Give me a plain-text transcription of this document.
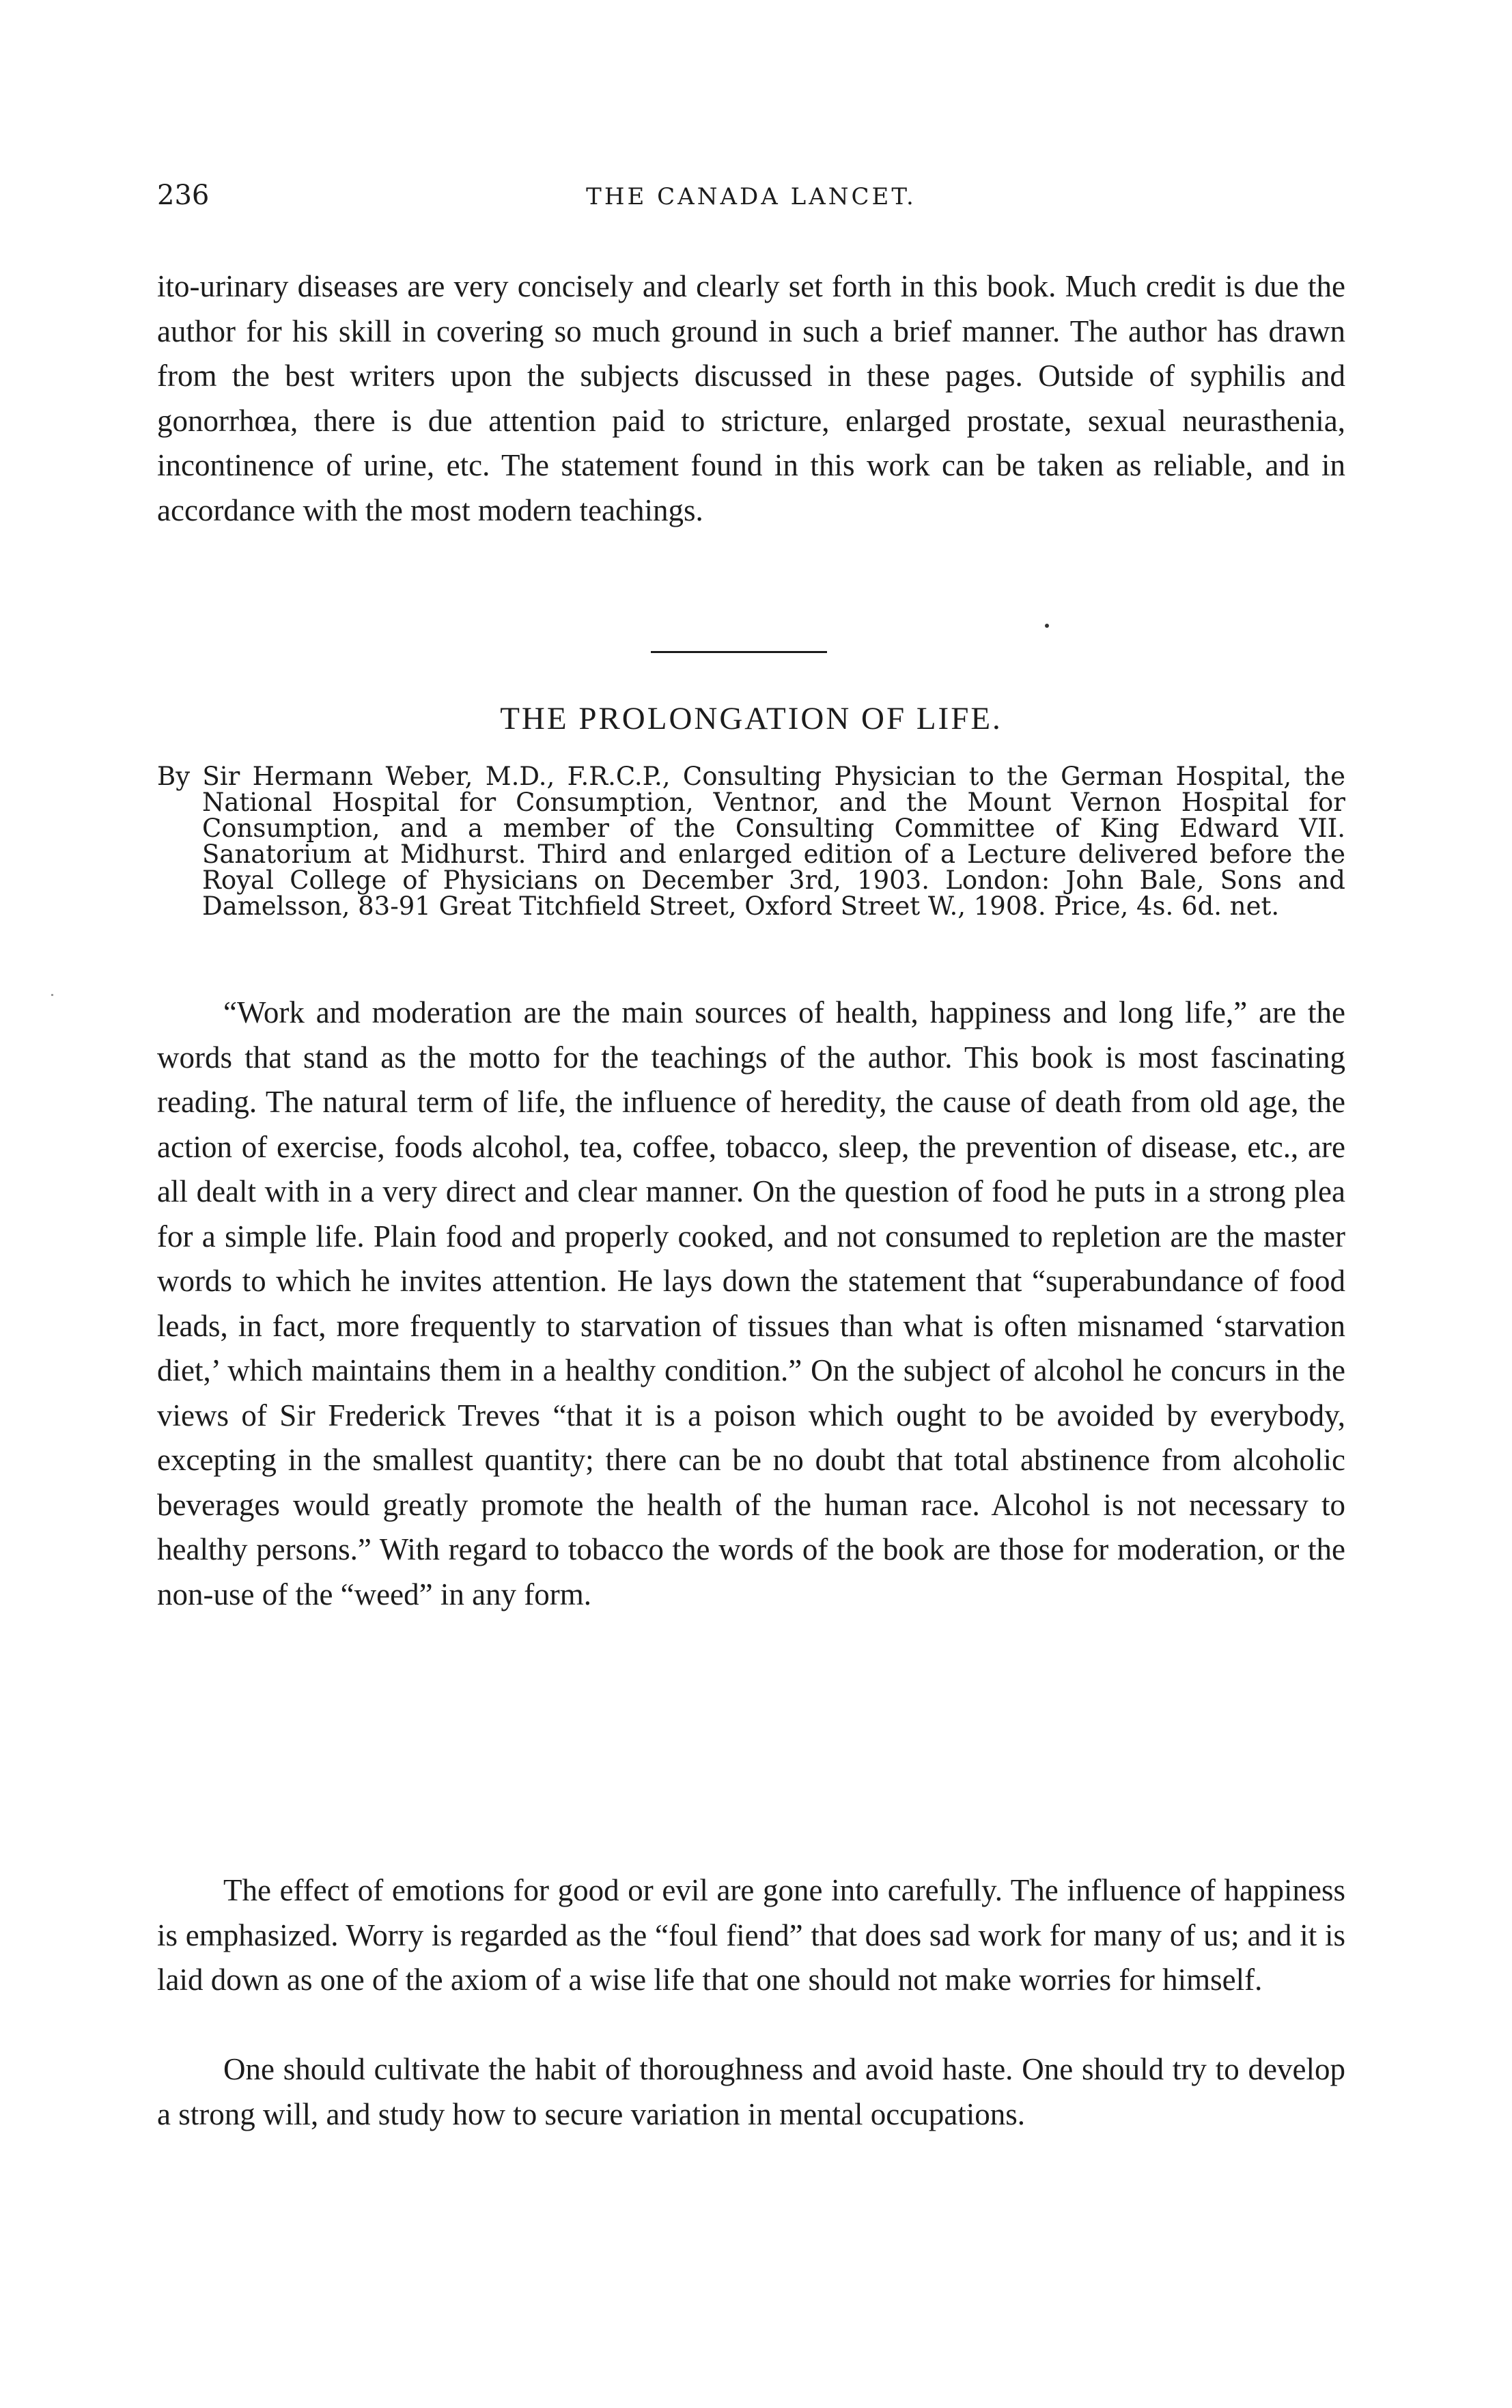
236	THE CANADA LANCET.

ito-urinary diseases are very concisely and clearly set forth in this book. Much credit is due the author for his skill in covering so much ground in such a brief manner. The author has drawn from the best writers upon the subjects discussed in these pages. Outside of syphilis and gonorrhœa, there is due attention paid to stricture, enlarged prostate, sexual neurasthenia, incontinence of urine, etc. The statement found in this work can be taken as reliable, and in accordance with the most modern teachings.

THE PROLONGATION OF LIFE.

By Sir Hermann Weber, M.D., F.R.C.P., Consulting Physician to the German Hospital, the National Hospital for Consumption, Ventnor, and the Mount Vernon Hospital for Consumption, and a member of the Consulting Committee of King Edward VII. Sanatorium at Midhurst. Third and enlarged edition of a Lecture delivered before the Royal College of Physicians on December 3rd, 1903. London: John Bale, Sons and Damelsson, 83-91 Great Titchfield Street, Oxford Street W., 1908. Price, 4s. 6d. net.

“Work and moderation are the main sources of health, happiness and long life,” are the words that stand as the motto for the teachings of the author. This book is most fascinating reading. The natural term of life, the influence of heredity, the cause of death from old age, the action of exercise, foods alcohol, tea, coffee, tobacco, sleep, the prevention of disease, etc., are all dealt with in a very direct and clear manner. On the question of food he puts in a strong plea for a simple life. Plain food and properly cooked, and not consumed to repletion are the master words to which he invites attention. He lays down the statement that “superabundance of food leads, in fact, more frequently to starvation of tissues than what is often misnamed ‘starvation diet,’ which maintains them in a healthy condition.” On the subject of alcohol he concurs in the views of Sir Frederick Treves “that it is a poison which ought to be avoided by everybody, excepting in the smallest quantity; there can be no doubt that total abstinence from alcoholic beverages would greatly promote the health of the human race. Alcohol is not necessary to healthy persons.” With regard to tobacco the words of the book are those for moderation, or the non-use of the “weed” in any form.

The effect of emotions for good or evil are gone into carefully. The influence of happiness is emphasized. Worry is regarded as the “foul fiend” that does sad work for many of us; and it is laid down as one of the axiom of a wise life that one should not make worries for himself.

One should cultivate the habit of thoroughness and avoid haste. One should try to develop a strong will, and study how to secure variation in mental occupations.
